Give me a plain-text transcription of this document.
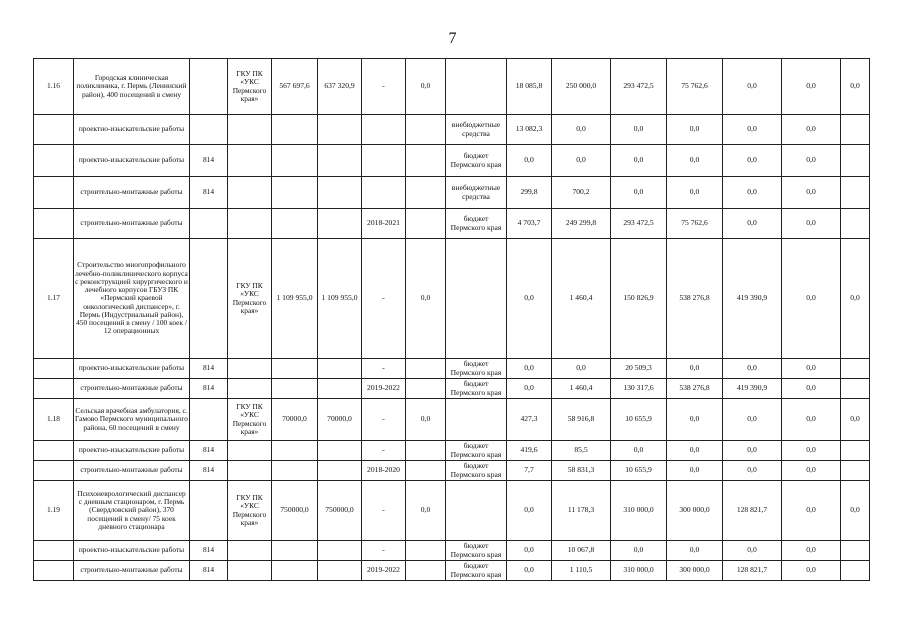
7
1.16	Городская клиническая поликлиника, г. Пермь (Ленинский район), 400 посещений в смену		ГКУ ПК «УКС Пермского края»	567 697,6	637 320,9	-	0,0		18 085,8	250 000,0	293 472,5	75 762,6	0,0	0,0	0,0
	проектно-изыскательские работы							внебюджетные средства	13 082,3	0,0	0,0	0,0	0,0	0,0	
	проектно-изыскательские работы	814						бюджет Пермского края	0,0	0,0	0,0	0,0	0,0	0,0	
	строительно-монтажные работы	814						внебюджетные средства	299,8	700,2	0,0	0,0	0,0	0,0	
	строительно-монтажные работы					2018-2021		бюджет Пермского края	4 703,7	249 299,8	293 472,5	75 762,6	0,0	0,0	
1.17	Строительство многопрофильного лечебно-поликлинического корпуса с реконструкцией хирургического и лечебного корпусов ГБУЗ ПК «Пермский краевой онкологический диспансер», г. Пермь (Индустриальный район), 450 посещений в смену / 100 коек / 12 операционных		ГКУ ПК «УКС Пермского края»	1 109 955,0	1 109 955,0	-	0,0		0,0	1 460,4	150 826,9	538 276,8	419 390,9	0,0	0,0
	проектно-изыскательские работы	814				-		бюджет Пермского края	0,0	0,0	20 509,3	0,0	0,0	0,0	
	строительно-монтажные работы	814				2019-2022		бюджет Пермского края	0,0	1 460,4	130 317,6	538 276,8	419 390,9	0,0	
1.18	Сельская врачебная амбулатория, с. Гамово Пермского муниципального района, 60 посещений в смену		ГКУ ПК «УКС Пермского края»	70000,0	70000,0	-	0,0		427,3	58 916,8	10 655,9	0,0	0,0	0,0	0,0
	проектно-изыскательские работы	814				-		бюджет Пермского края	419,6	85,5	0,0	0,0	0,0	0,0	
	строительно-монтажные работы	814				2018-2020		бюджет Пермского края	7,7	58 831,3	10 655,9	0,0	0,0	0,0	
1.19	Психоневрологический диспансер с дневным стационаром, г. Пермь (Свердловский район), 370 посещений в смену/ 75 коек дневного стационара		ГКУ ПК «УКС Пермского края»	750000,0	750000,0	-	0,0		0,0	11 178,3	310 000,0	300 000,0	128 821,7	0,0	0,0
	проектно-изыскательские работы	814				-		бюджет Пермского края	0,0	10 067,8	0,0	0,0	0,0	0,0	
	строительно-монтажные работы	814				2019-2022		бюджет Пермского края	0,0	1 110,5	310 000,0	300 000,0	128 821,7	0,0	
